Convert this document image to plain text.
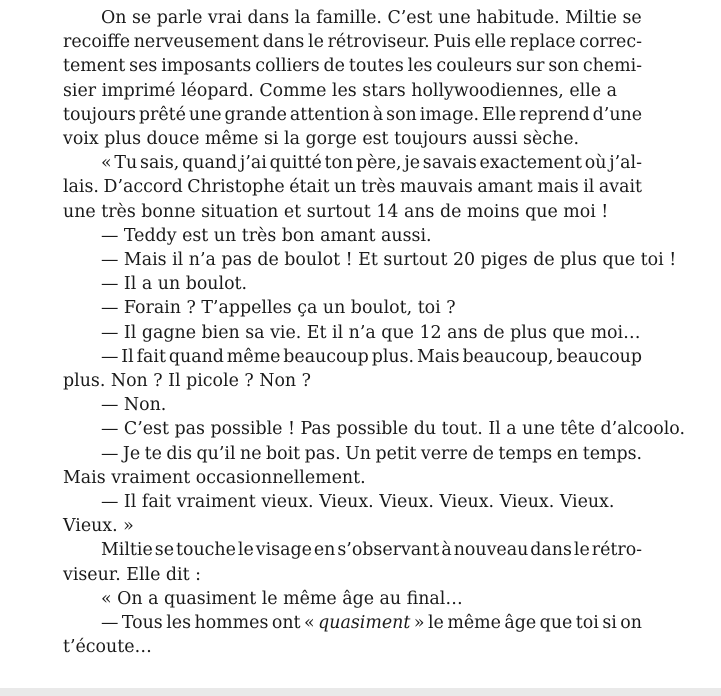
On se parle vrai dans la famille. C’est une habitude. Miltie se
recoiffe nerveusement dans le rétroviseur. Puis elle replace correc-
tement ses imposants colliers de toutes les couleurs sur son chemi-
sier imprimé léopard. Comme les stars hollywoodiennes, elle a
toujours prêté une grande attention à son image. Elle reprend d’une
voix plus douce même si la gorge est toujours aussi sèche.
« Tu sais, quand j’ai quitté ton père, je savais exactement où j’al-
lais. D’accord Christophe était un très mauvais amant mais il avait
une très bonne situation et surtout 14 ans de moins que moi !
— Teddy est un très bon amant aussi.
— Mais il n’a pas de boulot ! Et surtout 20 piges de plus que toi !
— Il a un boulot.
— Forain ? T’appelles ça un boulot, toi ?
— Il gagne bien sa vie. Et il n’a que 12 ans de plus que moi…
— Il fait quand même beaucoup plus. Mais beaucoup, beaucoup
plus. Non ? Il picole ? Non ?
— Non.
— C’est pas possible ! Pas possible du tout. Il a une tête d’alcoolo.
— Je te dis qu’il ne boit pas. Un petit verre de temps en temps.
Mais vraiment occasionnellement.
— Il fait vraiment vieux. Vieux. Vieux. Vieux. Vieux. Vieux.
Vieux. »
Miltie se touche le visage en s’observant à nouveau dans le rétro-
viseur. Elle dit :
« On a quasiment le même âge au final…
— Tous les hommes ont « quasiment » le même âge que toi si on
t’écoute…
